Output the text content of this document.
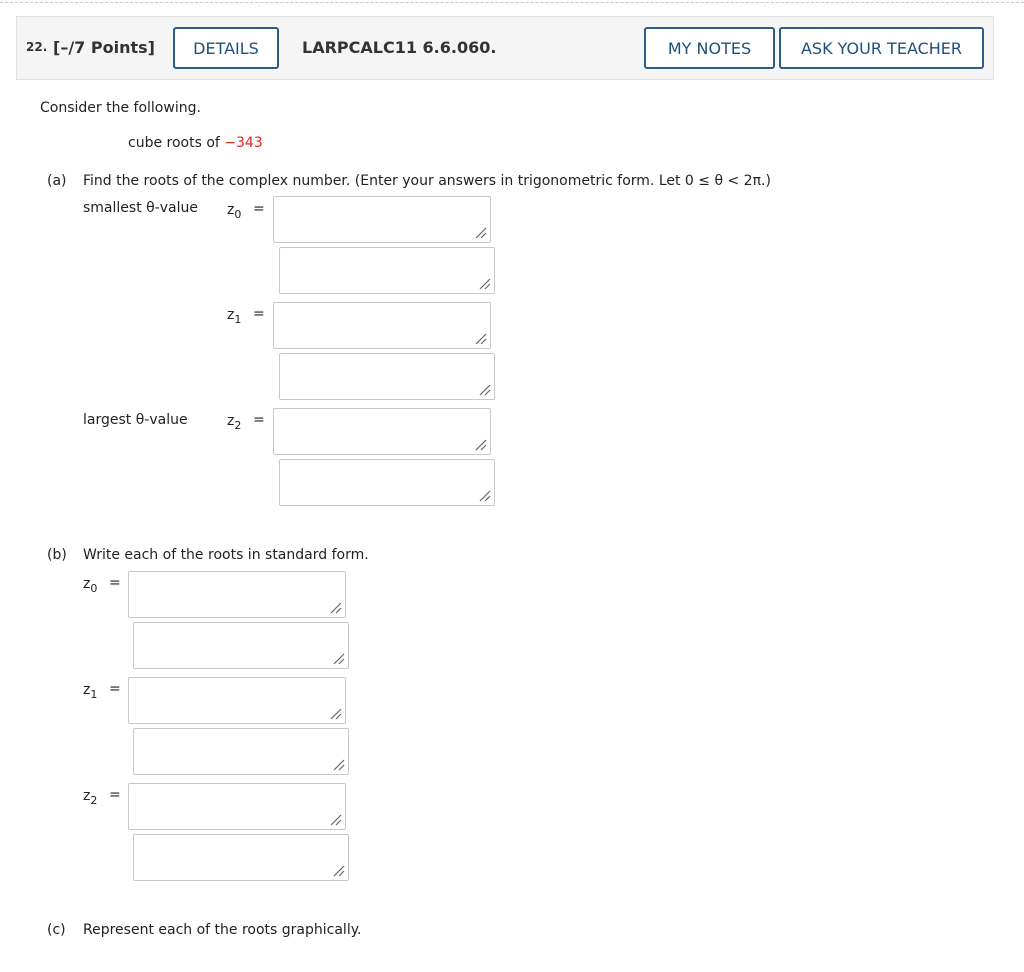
22. [–/7 Points]	DETAILS	LARPCALC11 6.6.060.	MY NOTES	ASK YOUR TEACHER
Consider the following.
cube roots of −343
(a) Find the roots of the complex number. (Enter your answers in trigonometric form. Let 0 ≤ θ < 2π.)
smallest θ-value $z_0$ =
$z_1$ =
largest θ-value	$z_2$ =
(b) Write each of the roots in standard form.
$z_0$ =
$z_1$ =
$z_2$ =
(c) Represent each of the roots graphically.
